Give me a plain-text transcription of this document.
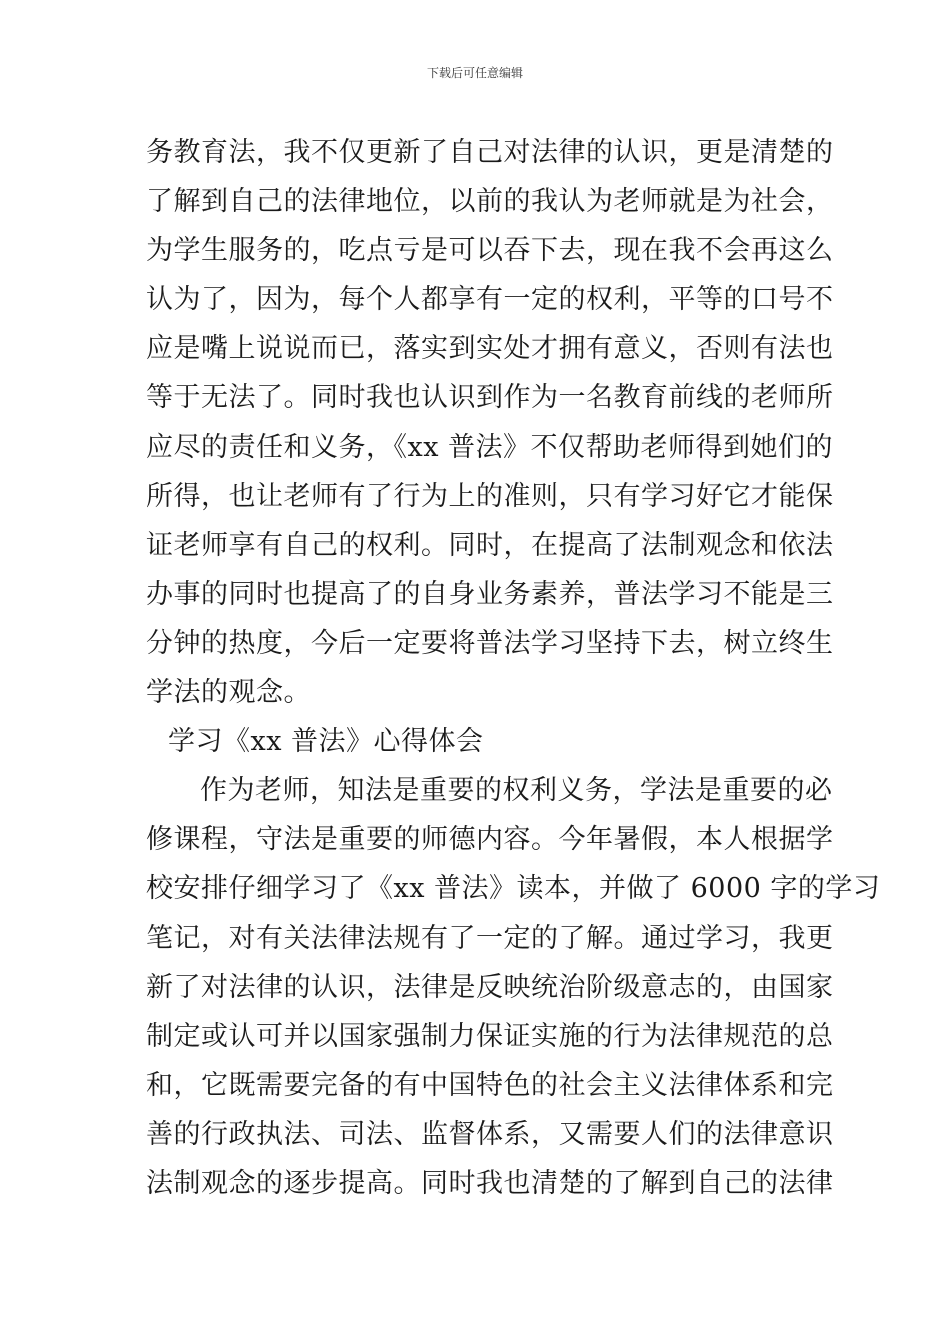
下载后可任意编辑
务教育法，我不仅更新了自己对法律的认识，更是清楚的
了解到自己的法律地位，以前的我认为老师就是为社会，
为学生服务的，吃点亏是可以吞下去，现在我不会再这么
认为了，因为，每个人都享有一定的权利，平等的口号不
应是嘴上说说而已，落实到实处才拥有意义，否则有法也
等于无法了。同时我也认识到作为一名教育前线的老师所
应尽的责任和义务，《xx 普法》不仅帮助老师得到她们的
所得，也让老师有了行为上的准则，只有学习好它才能保
证老师享有自己的权利。同时，在提高了法制观念和依法
办事的同时也提高了的自身业务素养，普法学习不能是三
分钟的热度，今后一定要将普法学习坚持下去，树立终生
学法的观念。
学习《xx 普法》心得体会
作为老师，知法是重要的权利义务，学法是重要的必
修课程，守法是重要的师德内容。今年暑假，本人根据学
校安排仔细学习了《xx 普法》读本，并做了 6000 字的学习
笔记，对有关法律法规有了一定的了解。通过学习，我更
新了对法律的认识，法律是反映统治阶级意志的，由国家
制定或认可并以国家强制力保证实施的行为法律规范的总
和，它既需要完备的有中国特色的社会主义法律体系和完
善的行政执法、司法、监督体系，又需要人们的法律意识
法制观念的逐步提高。同时我也清楚的了解到自己的法律
